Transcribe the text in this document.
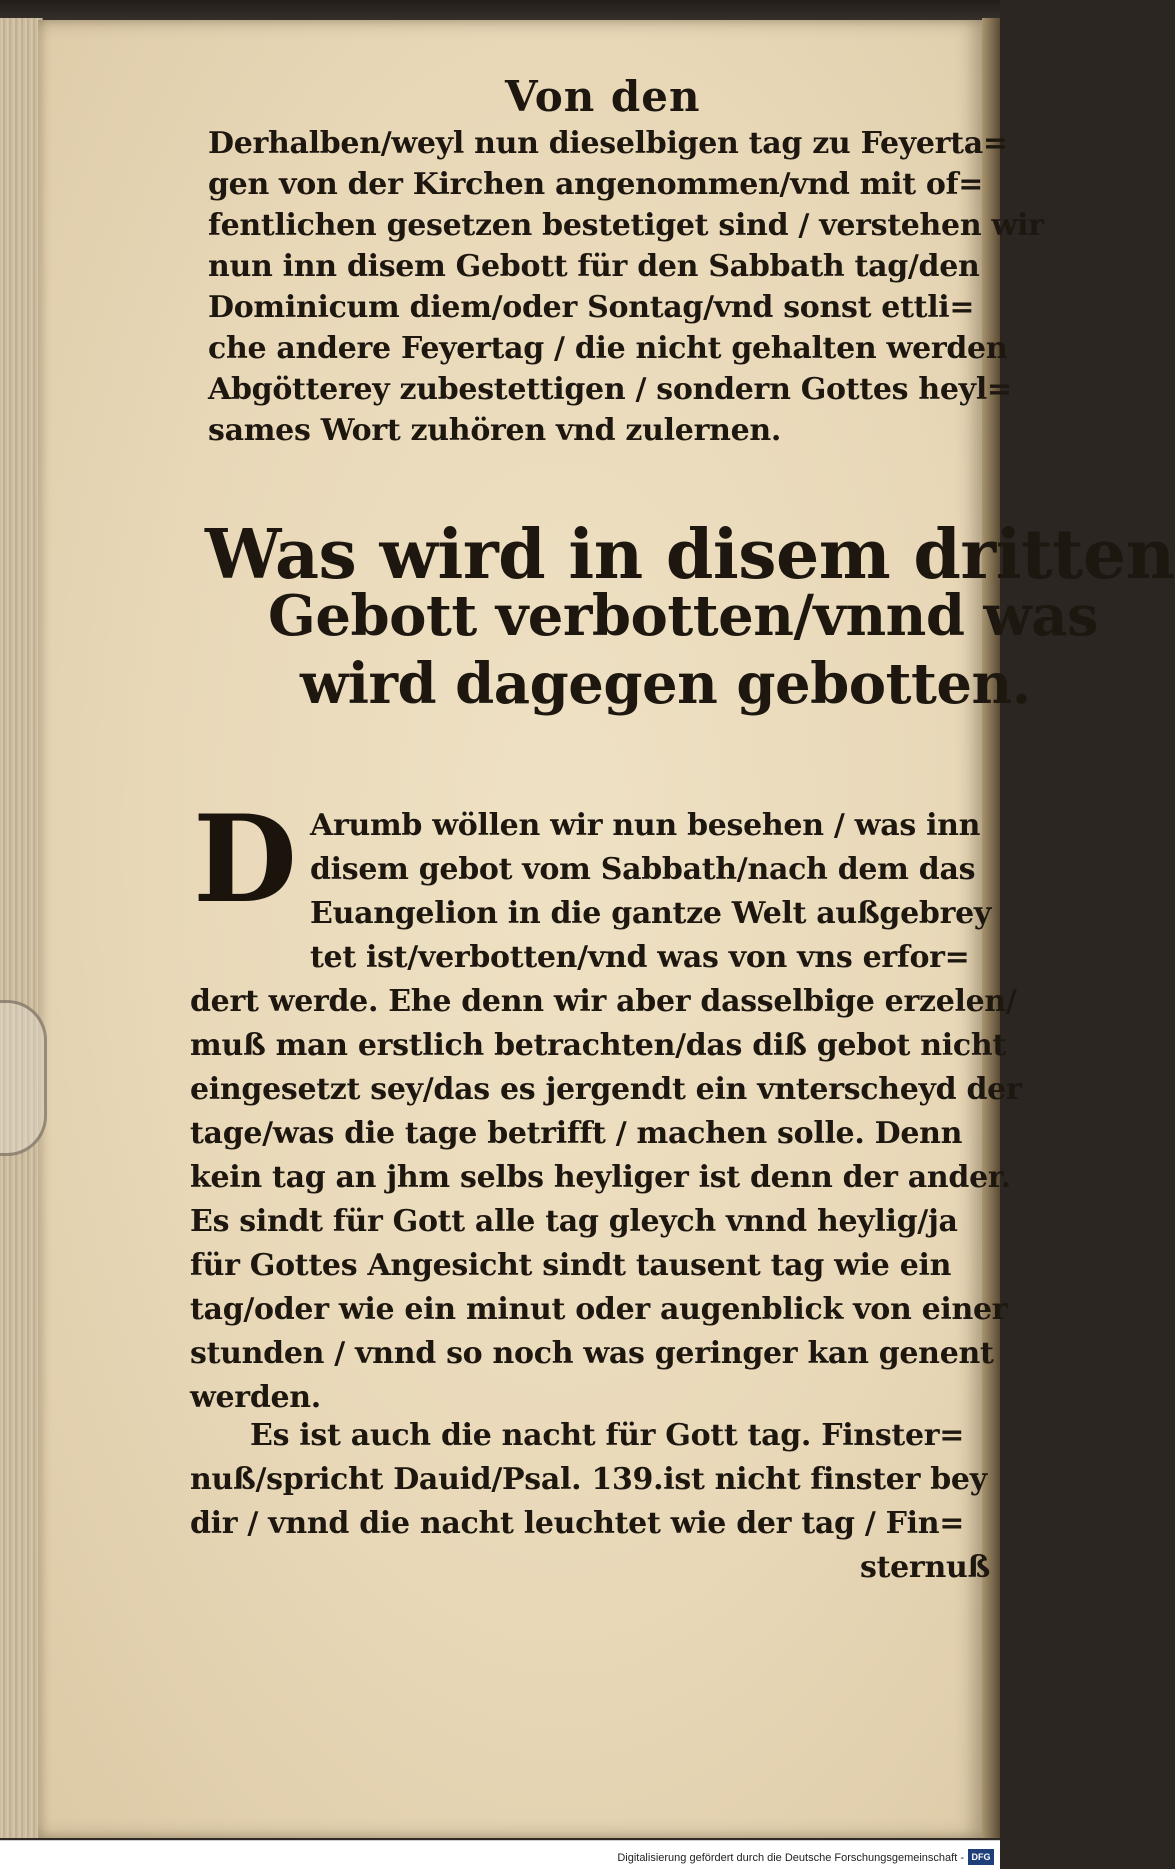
Von den
Derhalben/weyl nun dieselbigen tag zu Feyerta=
gen von der Kirchen angenommen/vnd mit of=
fentlichen gesetzen bestetiget sind / verstehen wir
nun inn disem Gebott für den Sabbath tag/den
Dominicum diem/oder Sontag/vnd sonst ettli=
che andere Feyertag / die nicht gehalten werden
Abgötterey zubestettigen / sondern Gottes heyl=
sames Wort zuhören vnd zulernen.
Was wird in disem dritten
Gebott verbotten/vnnd was
wird dagegen gebotten.
D Arumb wöllen wir nun besehen / was inn
disem gebot vom Sabbath/nach dem das
Euangelion in die gantze Welt außgebrey
tet ist/verbotten/vnd was von vns erfor=
dert werde. Ehe denn wir aber dasselbige erzelen/
muß man erstlich betrachten/das diß gebot nicht
eingesetzt sey/das es jergendt ein vnterscheyd der
tage/was die tage betrifft / machen solle. Denn
kein tag an jhm selbs heyliger ist denn der ander.
Es sindt für Gott alle tag gleych vnnd heylig/ja
für Gottes Angesicht sindt tausent tag wie ein
tag/oder wie ein minut oder augenblick von einer
stunden / vnnd so noch was geringer kan genent
werden.
Es ist auch die nacht für Gott tag. Finster=
nuß/spricht Dauid/Psal. 139.ist nicht finster bey
dir / vnnd die nacht leuchtet wie der tag / Fin=
sternuß
Digitalisierung gefördert durch die Deutsche Forschungsgemeinschaft - DFG
